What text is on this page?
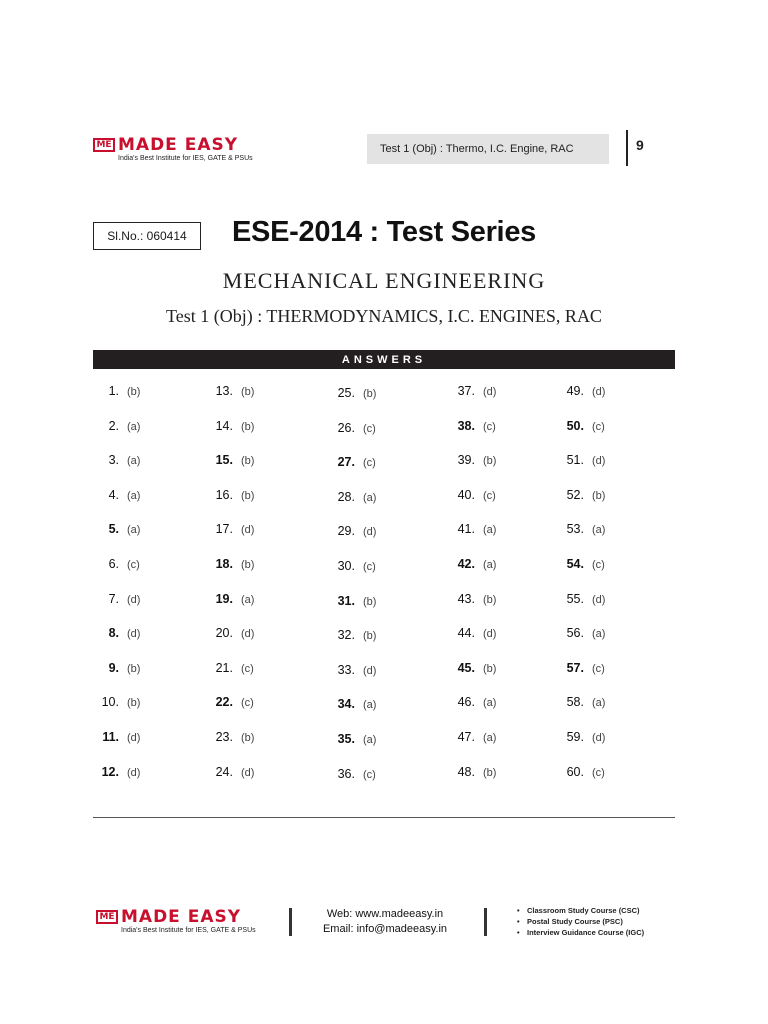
ME MADE EASY
India's Best Institute for IES, GATE & PSUs
Test 1 (Obj) : Thermo, I.C. Engine, RAC	9
Sl.No.: 060414	ESE-2014 : Test Series
MECHANICAL ENGINEERING
Test 1 (Obj) : THERMODYNAMICS, I.C. ENGINES, RAC
ANSWERS
1. (b)
2. (a)
3. (a)
4. (a)
5. (a)
6. (c)
7. (d)
8. (d)
9. (b)
10. (b)
11. (d)
12. (d)
13. (b)
14. (b)
15. (b)
16. (b)
17. (d)
18. (b)
19. (a)
20. (d)
21. (c)
22. (c)
23. (b)
24. (d)
25. (b)
26. (c)
27. (c)
28. (a)
29. (d)
30. (c)
31. (b)
32. (b)
33. (d)
34. (a)
35. (a)
36. (c)
37. (d)
38. (c)
39. (b)
40. (c)
41. (a)
42. (a)
43. (b)
44. (d)
45. (b)
46. (a)
47. (a)
48. (b)
49. (d)
50. (c)
51. (d)
52. (b)
53. (a)
54. (c)
55. (d)
56. (a)
57. (c)
58. (a)
59. (d)
60. (c)
ME MADE EASY
India's Best Institute for IES, GATE & PSUs
Web: www.madeeasy.in
Email: info@madeeasy.in
• Classroom Study Course (CSC)
• Postal Study Course (PSC)
• Interview Guidance Course (IGC)
